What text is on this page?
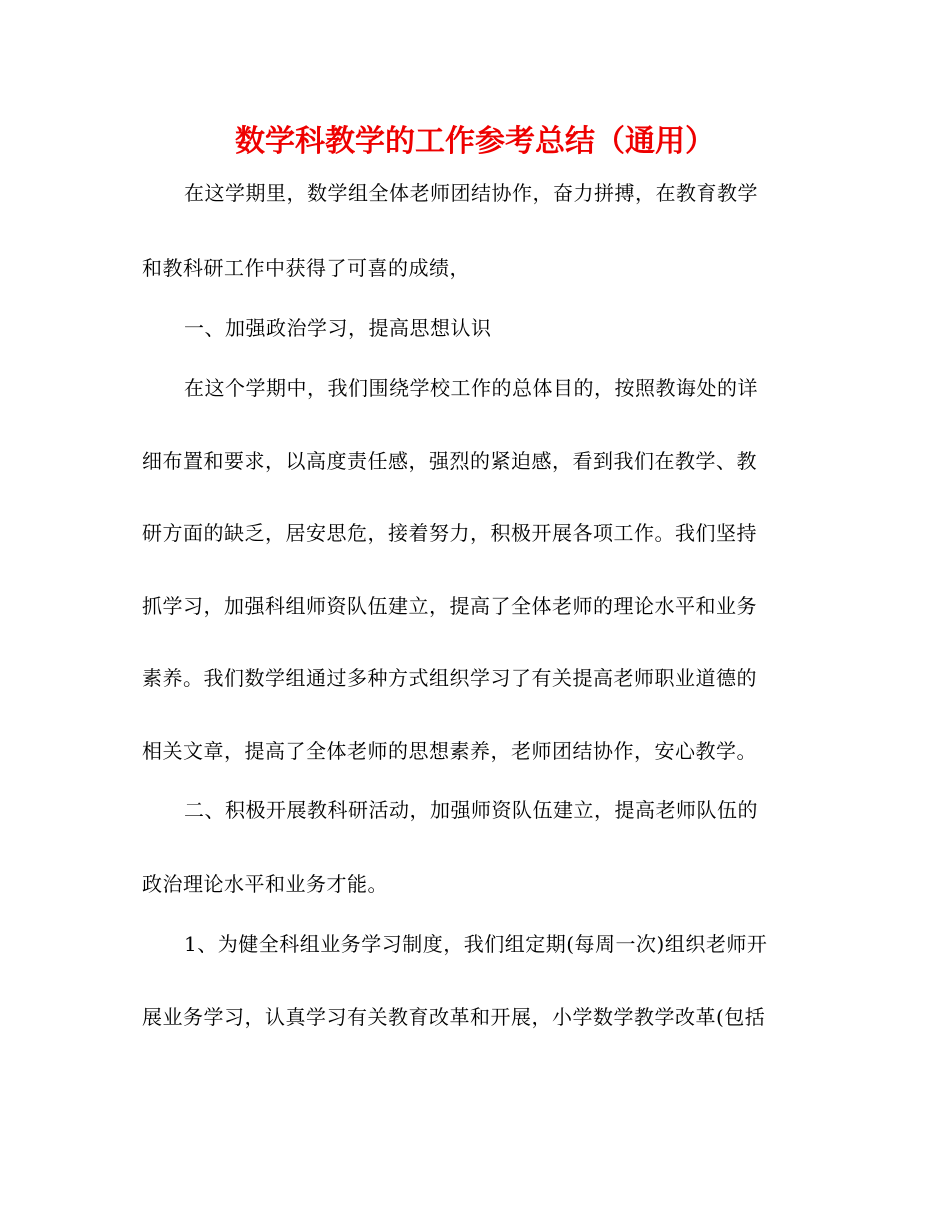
数学科教学的工作参考总结（通用）
在这学期里，数学组全体老师团结协作，奋力拼搏，在教育教学
和教科研工作中获得了可喜的成绩，
一、加强政治学习，提高思想认识
在这个学期中，我们围绕学校工作的总体目的，按照教诲处的详
细布置和要求，以高度责任感，强烈的紧迫感，看到我们在教学、教
研方面的缺乏，居安思危，接着努力，积极开展各项工作。我们坚持
抓学习，加强科组师资队伍建立，提高了全体老师的理论水平和业务
素养。我们数学组通过多种方式组织学习了有关提高老师职业道德的
相关文章，提高了全体老师的思想素养，老师团结协作，安心教学。
二、积极开展教科研活动，加强师资队伍建立，提高老师队伍的
政治理论水平和业务才能。
1、为健全科组业务学习制度，我们组定期(每周一次)组织老师开
展业务学习，认真学习有关教育改革和开展，小学数学教学改革(包括
